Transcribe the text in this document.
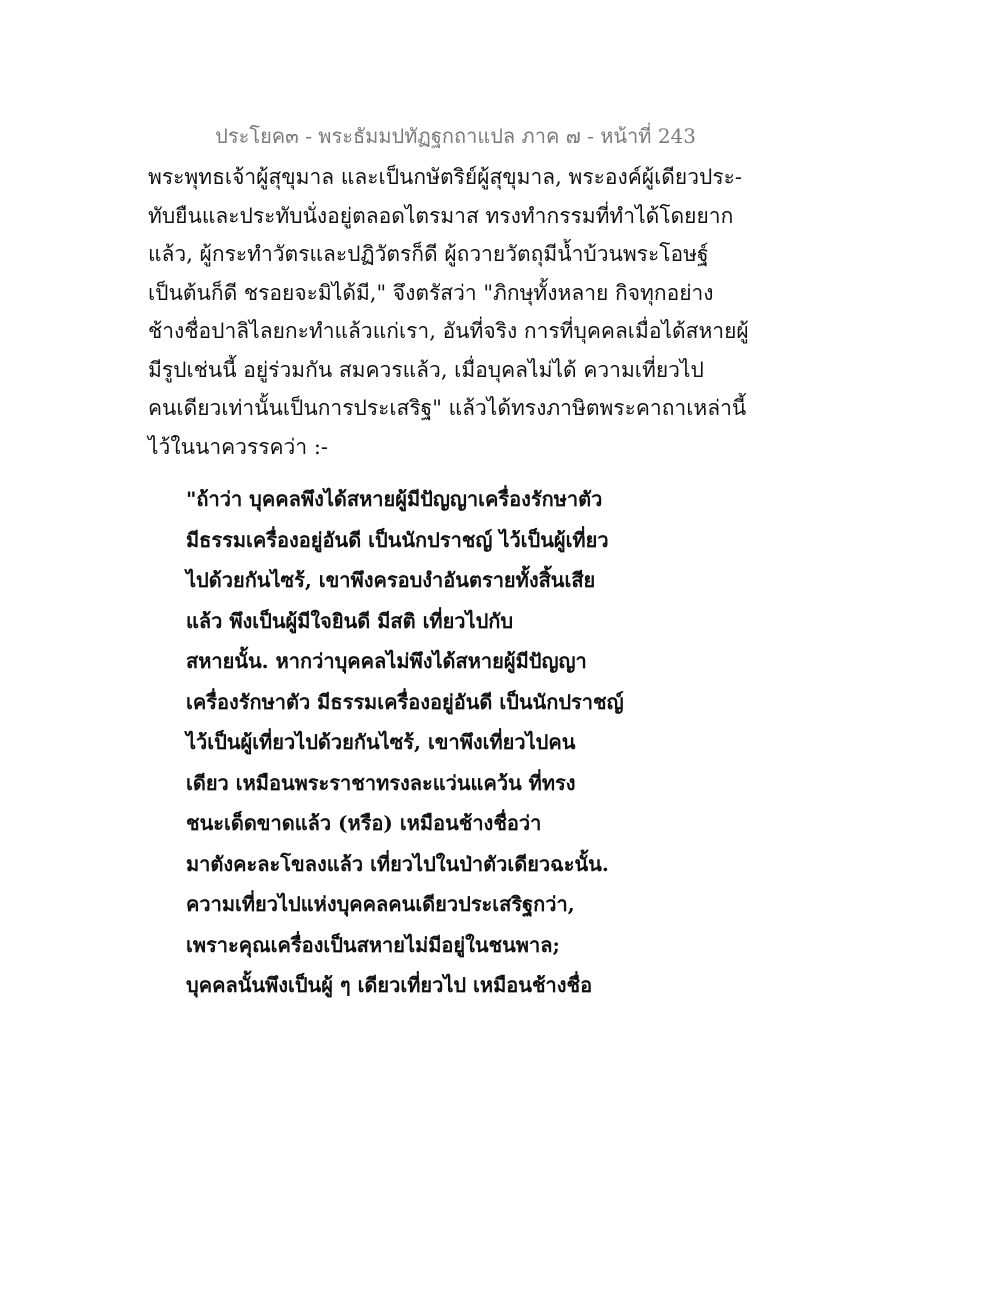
ประโยค๓ - พระธัมมปทัฏฐกถาแปล ภาค ๗ - หน้าที่ 243
พระพุทธเจ้าผู้สุขุมาล และเป็นกษัตริย์ผู้สุขุมาล, พระองค์ผู้เดียวประ-
ทับยืนและประทับนั่งอยู่ตลอดไตรมาส ทรงทำกรรมที่ทำได้โดยยาก
แล้ว, ผู้กระทำวัตรและปฏิวัตรก็ดี ผู้ถวายวัตถุมีน้ำบ้วนพระโอษฐ์
เป็นต้นก็ดี ชรอยจะมิได้มี," จึงตรัสว่า "ภิกษุทั้งหลาย กิจทุกอย่าง
ช้างชื่อปาลิไลยกะทำแล้วแก่เรา, อันที่จริง การที่บุคคลเมื่อได้สหายผู้
มีรูปเช่นนี้ อยู่ร่วมกัน สมควรแล้ว, เมื่อบุคลไม่ได้ ความเที่ยวไป
คนเดียวเท่านั้นเป็นการประเสริฐ" แล้วได้ทรงภาษิตพระคาถาเหล่านี้
ไว้ในนาควรรคว่า :-
"ถ้าว่า บุคคลพึงได้สหายผู้มีปัญญาเครื่องรักษาตัว
มีธรรมเครื่องอยู่อันดี เป็นนักปราชญ์ ไว้เป็นผู้เที่ยว
ไปด้วยกันไซร้, เขาพึงครอบงำอันตรายทั้งสิ้นเสีย
แล้ว พึงเป็นผู้มีใจยินดี มีสติ เที่ยวไปกับ
สหายนั้น. หากว่าบุคคลไม่พึงได้สหายผู้มีปัญญา
เครื่องรักษาตัว มีธรรมเครื่องอยู่อันดี เป็นนักปราชญ์
ไว้เป็นผู้เที่ยวไปด้วยกันไซร้, เขาพึงเที่ยวไปคน
เดียว เหมือนพระราชาทรงละแว่นแคว้น ที่ทรง
ชนะเด็ดขาดแล้ว (หรือ) เหมือนช้างชื่อว่า
มาตังคะละโขลงแล้ว เที่ยวไปในป่าตัวเดียวฉะนั้น.
ความเที่ยวไปแห่งบุคคลคนเดียวประเสริฐกว่า,
เพราะคุณเครื่องเป็นสหายไม่มีอยู่ในชนพาล;
บุคคลนั้นพึงเป็นผู้ ๆ เดียวเที่ยวไป เหมือนช้างชื่อ
